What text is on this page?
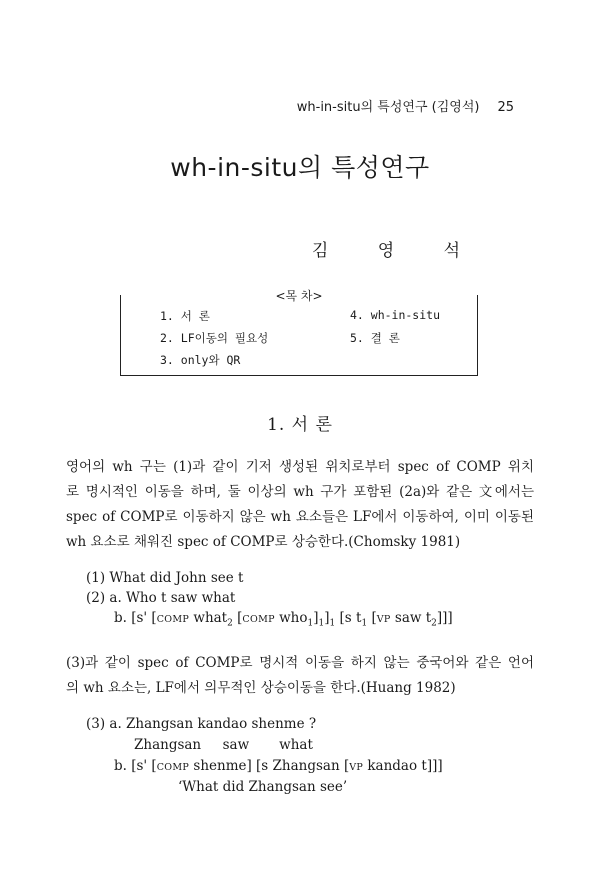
wh-in-situ의 특성연구 (김영석) 25
wh-in-situ의 특성연구
김 영 석
<목 차>
1. 서 론
2. LF이동의 필요성
3. only와 QR
4. wh-in-situ
5. 결 론
1. 서 론
영어의 wh 구는 (1)과 같이 기저 생성된 위치로부터 spec of COMP 위치
로 명시적인 이동을 하며, 둘 이상의 wh 구가 포함된 (2a)와 같은 文에서는
spec of COMP로 이동하지 않은 wh 요소들은 LF에서 이동하여, 이미 이동된
wh 요소로 채워진 spec of COMP로 상승한다.(Chomsky 1981)
(1) What did John see t
(2) a. Who t saw what
b. [s' [COMP what$_2$ [COMP $who_1]_1]_1$ [s $t_1$ [VP saw $t_2$]]]
(3)과 같이 spec of COMP로 명시적 이동을 하지 않는 중국어와 같은 언어
의 wh 요소는, LF에서 의무적인 상승이동을 한다.(Huang 1982)
(3) a. Zhangsan kandao shenme ?
Zhangsan     saw       what
b. [s' [COMP shenme] [s Zhangsan [VP kandao t]]]
‘What did Zhangsan see’
